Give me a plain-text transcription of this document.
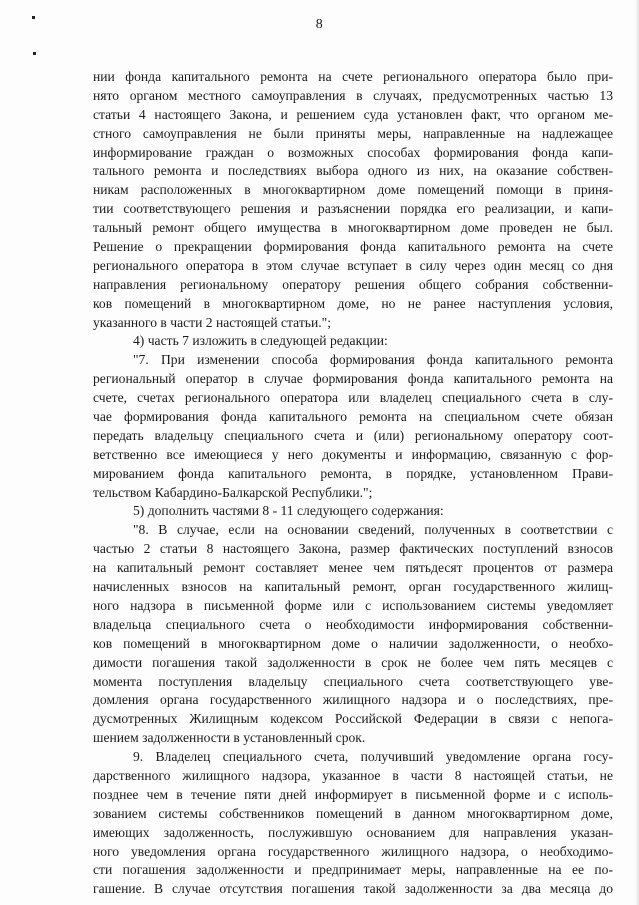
8
нии фонда капитального ремонта на счете регионального оператора было при-
нято органом местного самоуправления в случаях, предусмотренных частью 13
статьи 4 настоящего Закона, и решением суда установлен факт, что органом ме-
стного самоуправления не были приняты меры, направленные на надлежащее
информирование граждан о возможных способах формирования фонда капи-
тального ремонта и последствиях выбора одного из них, на оказание собствен-
никам расположенных в многоквартирном доме помещений помощи в приня-
тии соответствующего решения и разъяснении порядка его реализации, и капи-
тальный ремонт общего имущества в многоквартирном доме проведен не был.
Решение о прекращении формирования фонда капитального ремонта на счете
регионального оператора в этом случае вступает в силу через один месяц со дня
направления региональному оператору решения общего собрания собственни-
ков помещений в многоквартирном доме, но не ранее наступления условия,
указанного в части 2 настоящей статьи.";
4) часть 7 изложить в следующей редакции:
"7. При изменении способа формирования фонда капитального ремонта
региональный оператор в случае формирования фонда капитального ремонта на
счете, счетах регионального оператора или владелец специального счета в слу-
чае формирования фонда капитального ремонта на специальном счете обязан
передать владельцу специального счета и (или) региональному оператору соот-
ветственно все имеющиеся у него документы и информацию, связанную с фор-
мированием фонда капитального ремонта, в порядке, установленном Прави-
тельством Кабардино-Балкарской Республики.";
5) дополнить частями 8 - 11 следующего содержания:
"8. В случае, если на основании сведений, полученных в соответствии с
частью 2 статьи 8 настоящего Закона, размер фактических поступлений взносов
на капитальный ремонт составляет менее чем пятьдесят процентов от размера
начисленных взносов на капитальный ремонт, орган государственного жилищ-
ного надзора в письменной форме или с использованием системы уведомляет
владельца специального счета о необходимости информирования собственни-
ков помещений в многоквартирном доме о наличии задолженности, о необхо-
димости погашения такой задолженности в срок не более чем пять месяцев с
момента поступления владельцу специального счета соответствующего уве-
домления органа государственного жилищного надзора и о последствиях, пре-
дусмотренных Жилищным кодексом Российской Федерации в связи с непога-
шением задолженности в установленный срок.
9. Владелец специального счета, получивший уведомление органа госу-
дарственного жилищного надзора, указанное в части 8 настоящей статьи, не
позднее чем в течение пяти дней информирует в письменной форме и с исполь-
зованием системы собственников помещений в данном многоквартирном доме,
имеющих задолженность, послужившую основанием для направления указан-
ного уведомления органа государственного жилищного надзора, о необходимо-
сти погашения задолженности и предпринимает меры, направленные на ее по-
гашение. В случае отсутствия погашения такой задолженности за два месяца до
